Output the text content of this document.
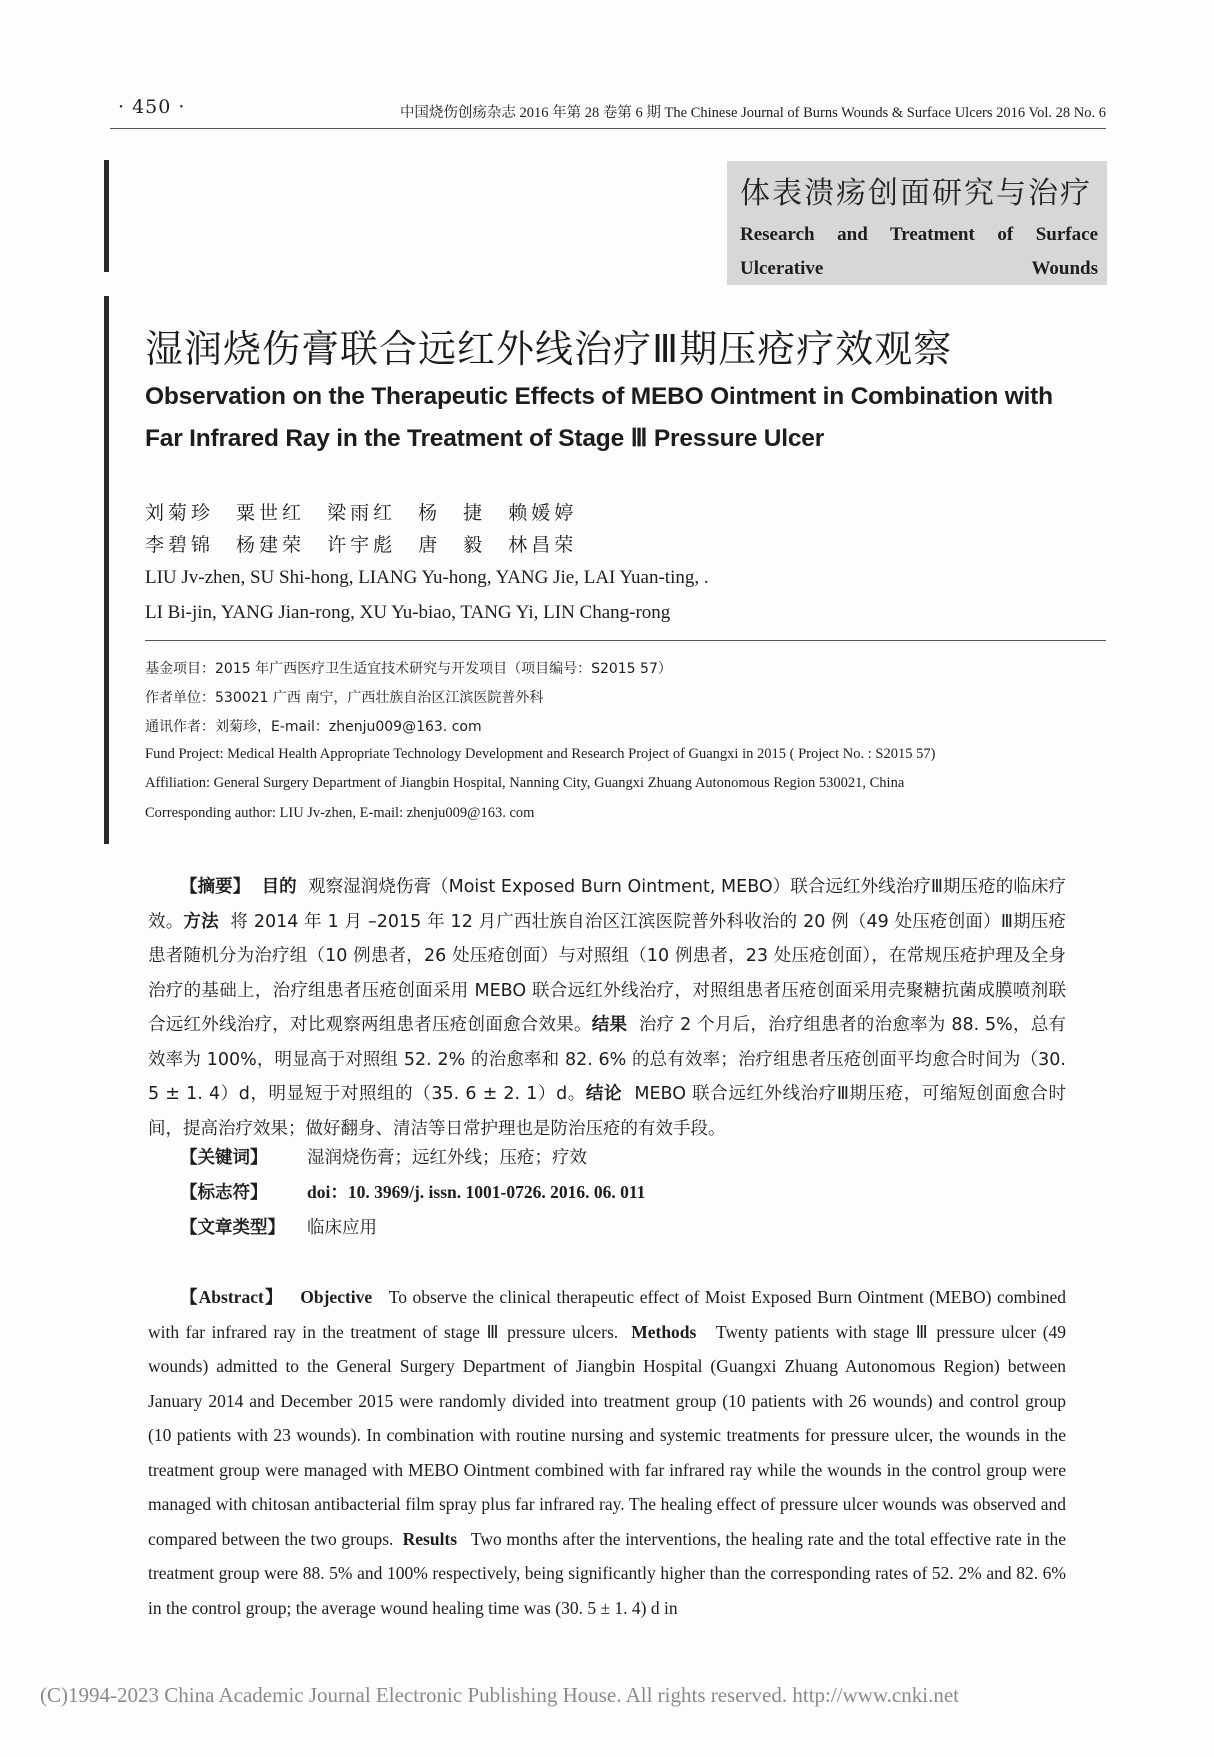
· 450 ·	中国烧伤创疡杂志 2016 年第 28 卷第 6 期 The Chinese Journal of Burns Wounds & Surface Ulcers 2016 Vol. 28 No. 6
体表溃疡创面研究与治疗
Research and Treatment of Surface Ulcerative Wounds
湿润烧伤膏联合远红外线治疗Ⅲ期压疮疗效观察
Observation on the Therapeutic Effects of MEBO Ointment in Combination with Far Infrared Ray in the Treatment of Stage Ⅲ Pressure Ulcer
刘菊珍 粟世红 梁雨红 杨 捷 赖媛婷
李碧锦 杨建荣 许宇彪 唐 毅 林昌荣
LIU Jv-zhen, SU Shi-hong, LIANG Yu-hong, YANG Jie, LAI Yuan-ting, .
LI Bi-jin, YANG Jian-rong, XU Yu-biao, TANG Yi, LIN Chang-rong
基金项目：2015 年广西医疗卫生适宜技术研究与开发项目（项目编号：S2015 57）
作者单位：530021 广西 南宁，广西壮族自治区江滨医院普外科
通讯作者：刘菊珍，E-mail：zhenju009@163. com
Fund Project: Medical Health Appropriate Technology Development and Research Project of Guangxi in 2015 ( Project No. : S2015 57)
Affiliation: General Surgery Department of Jiangbin Hospital, Nanning City, Guangxi Zhuang Autonomous Region 530021, China
Corresponding author: LIU Jv-zhen, E-mail: zhenju009@163. com

【摘要】 目的 观察湿润烧伤膏（Moist Exposed Burn Ointment, MEBO）联合远红外线治疗Ⅲ期压疮的临床疗效。方法 将 2014 年 1 月 –2015 年 12 月广西壮族自治区江滨医院普外科收治的 20 例（49 处压疮创面）Ⅲ期压疮患者随机分为治疗组（10 例患者，26 处压疮创面）与对照组（10 例患者，23 处压疮创面），在常规压疮护理及全身治疗的基础上，治疗组患者压疮创面采用 MEBO 联合远红外线治疗，对照组患者压疮创面采用壳聚糖抗菌成膜喷剂联合远红外线治疗，对比观察两组患者压疮创面愈合效果。结果 治疗 2 个月后，治疗组患者的治愈率为 88. 5%，总有效率为 100%，明显高于对照组 52. 2% 的治愈率和 82. 6% 的总有效率；治疗组患者压疮创面平均愈合时间为（30. 5 ± 1. 4）d，明显短于对照组的（35. 6 ± 2. 1）d。结论 MEBO 联合远红外线治疗Ⅲ期压疮，可缩短创面愈合时间，提高治疗效果；做好翻身、清洁等日常护理也是防治压疮的有效手段。

【关键词】 湿润烧伤膏；远红外线；压疮；疗效
【标志符】 doi：10. 3969/j. issn. 1001-0726. 2016. 06. 011
【文章类型】 临床应用

【Abstract】 Objective To observe the clinical therapeutic effect of Moist Exposed Burn Ointment (MEBO) combined with far infrared ray in the treatment of stage Ⅲ pressure ulcers. Methods Twenty patients with stage Ⅲ pressure ulcer (49 wounds) admitted to the General Surgery Department of Jiangbin Hospital (Guangxi Zhuang Autonomous Region) between January 2014 and December 2015 were randomly divided into treatment group (10 patients with 26 wounds) and control group (10 patients with 23 wounds). In combination with routine nursing and systemic treatments for pressure ulcer, the wounds in the treatment group were managed with MEBO Ointment combined with far infrared ray while the wounds in the control group were managed with chitosan antibacterial film spray plus far infrared ray. The healing effect of pressure ulcer wounds was observed and compared between the two groups. Results Two months after the interventions, the healing rate and the total effective rate in the treatment group were 88. 5% and 100% respectively, being significantly higher than the corresponding rates of 52. 2% and 82. 6% in the control group; the average wound healing time was (30. 5 ± 1. 4) d in

(C)1994-2023 China Academic Journal Electronic Publishing House. All rights reserved. http://www.cnki.net
